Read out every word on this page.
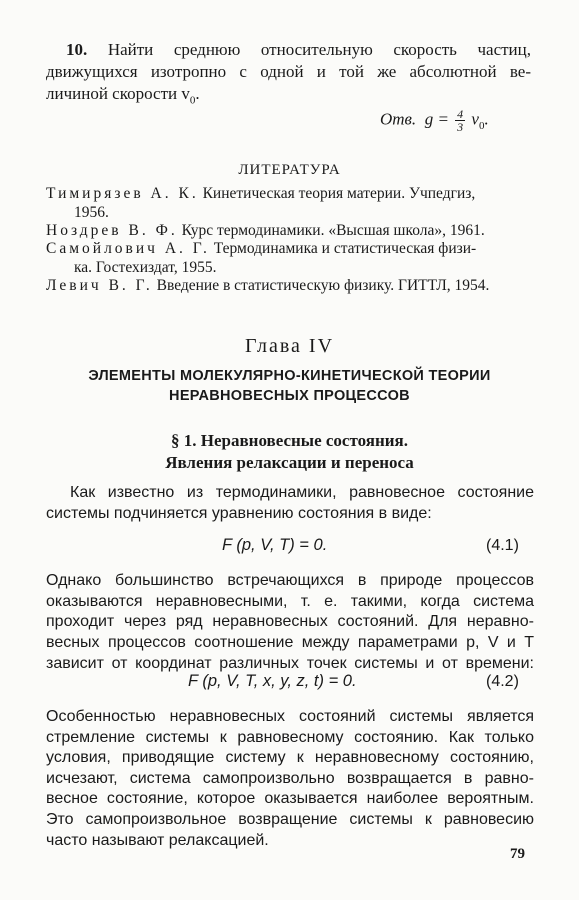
10. Найти среднюю относительную скорость частиц,
движущихся изотропно с одной и той же абсолютной ве-
личиной скорости $v_0$.
Отв. $g = \frac{4}{3} v_0$.
ЛИТЕРАТУРА
Тимирязев А. К. Кинетическая теория материи. Учпедгиз,
1956.
Ноздрев В. Ф. Курс термодинамики. «Высшая школа», 1961.
Самойлович А. Г. Термодинамика и статистическая физи-
ка. Гостехиздат, 1955.
Левич В. Г. Введение в статистическую физику. ГИТТЛ, 1954.
Глава IV
ЭЛЕМЕНТЫ МОЛЕКУЛЯРНО-КИНЕТИЧЕСКОЙ ТЕОРИИ
НЕРАВНОВЕСНЫХ ПРОЦЕССОВ
§ 1. Неравновесные состояния.
Явления релаксации и переноса
Как известно из термодинамики, равновесное состояние
системы подчиняется уравнению состояния в виде:
F (p, V, T) = 0.	(4.1)
Однако большинство встречающихся в природе процессов
оказываются неравновесными, т. е. такими, когда система
проходит через ряд неравновесных состояний. Для неравно-
весных процессов соотношение между параметрами p, V и T
зависит от координат различных точек системы и от времени:
F (p, V, T, x, y, z, t) = 0.	(4.2)
Особенностью неравновесных состояний системы является
стремление системы к равновесному состоянию. Как только
условия, приводящие систему к неравновесному состоянию,
исчезают, система самопроизвольно возвращается в равно-
весное состояние, которое оказывается наиболее вероятным.
Это самопроизвольное возвращение системы к равновесию
часто называют релаксацией.
79
